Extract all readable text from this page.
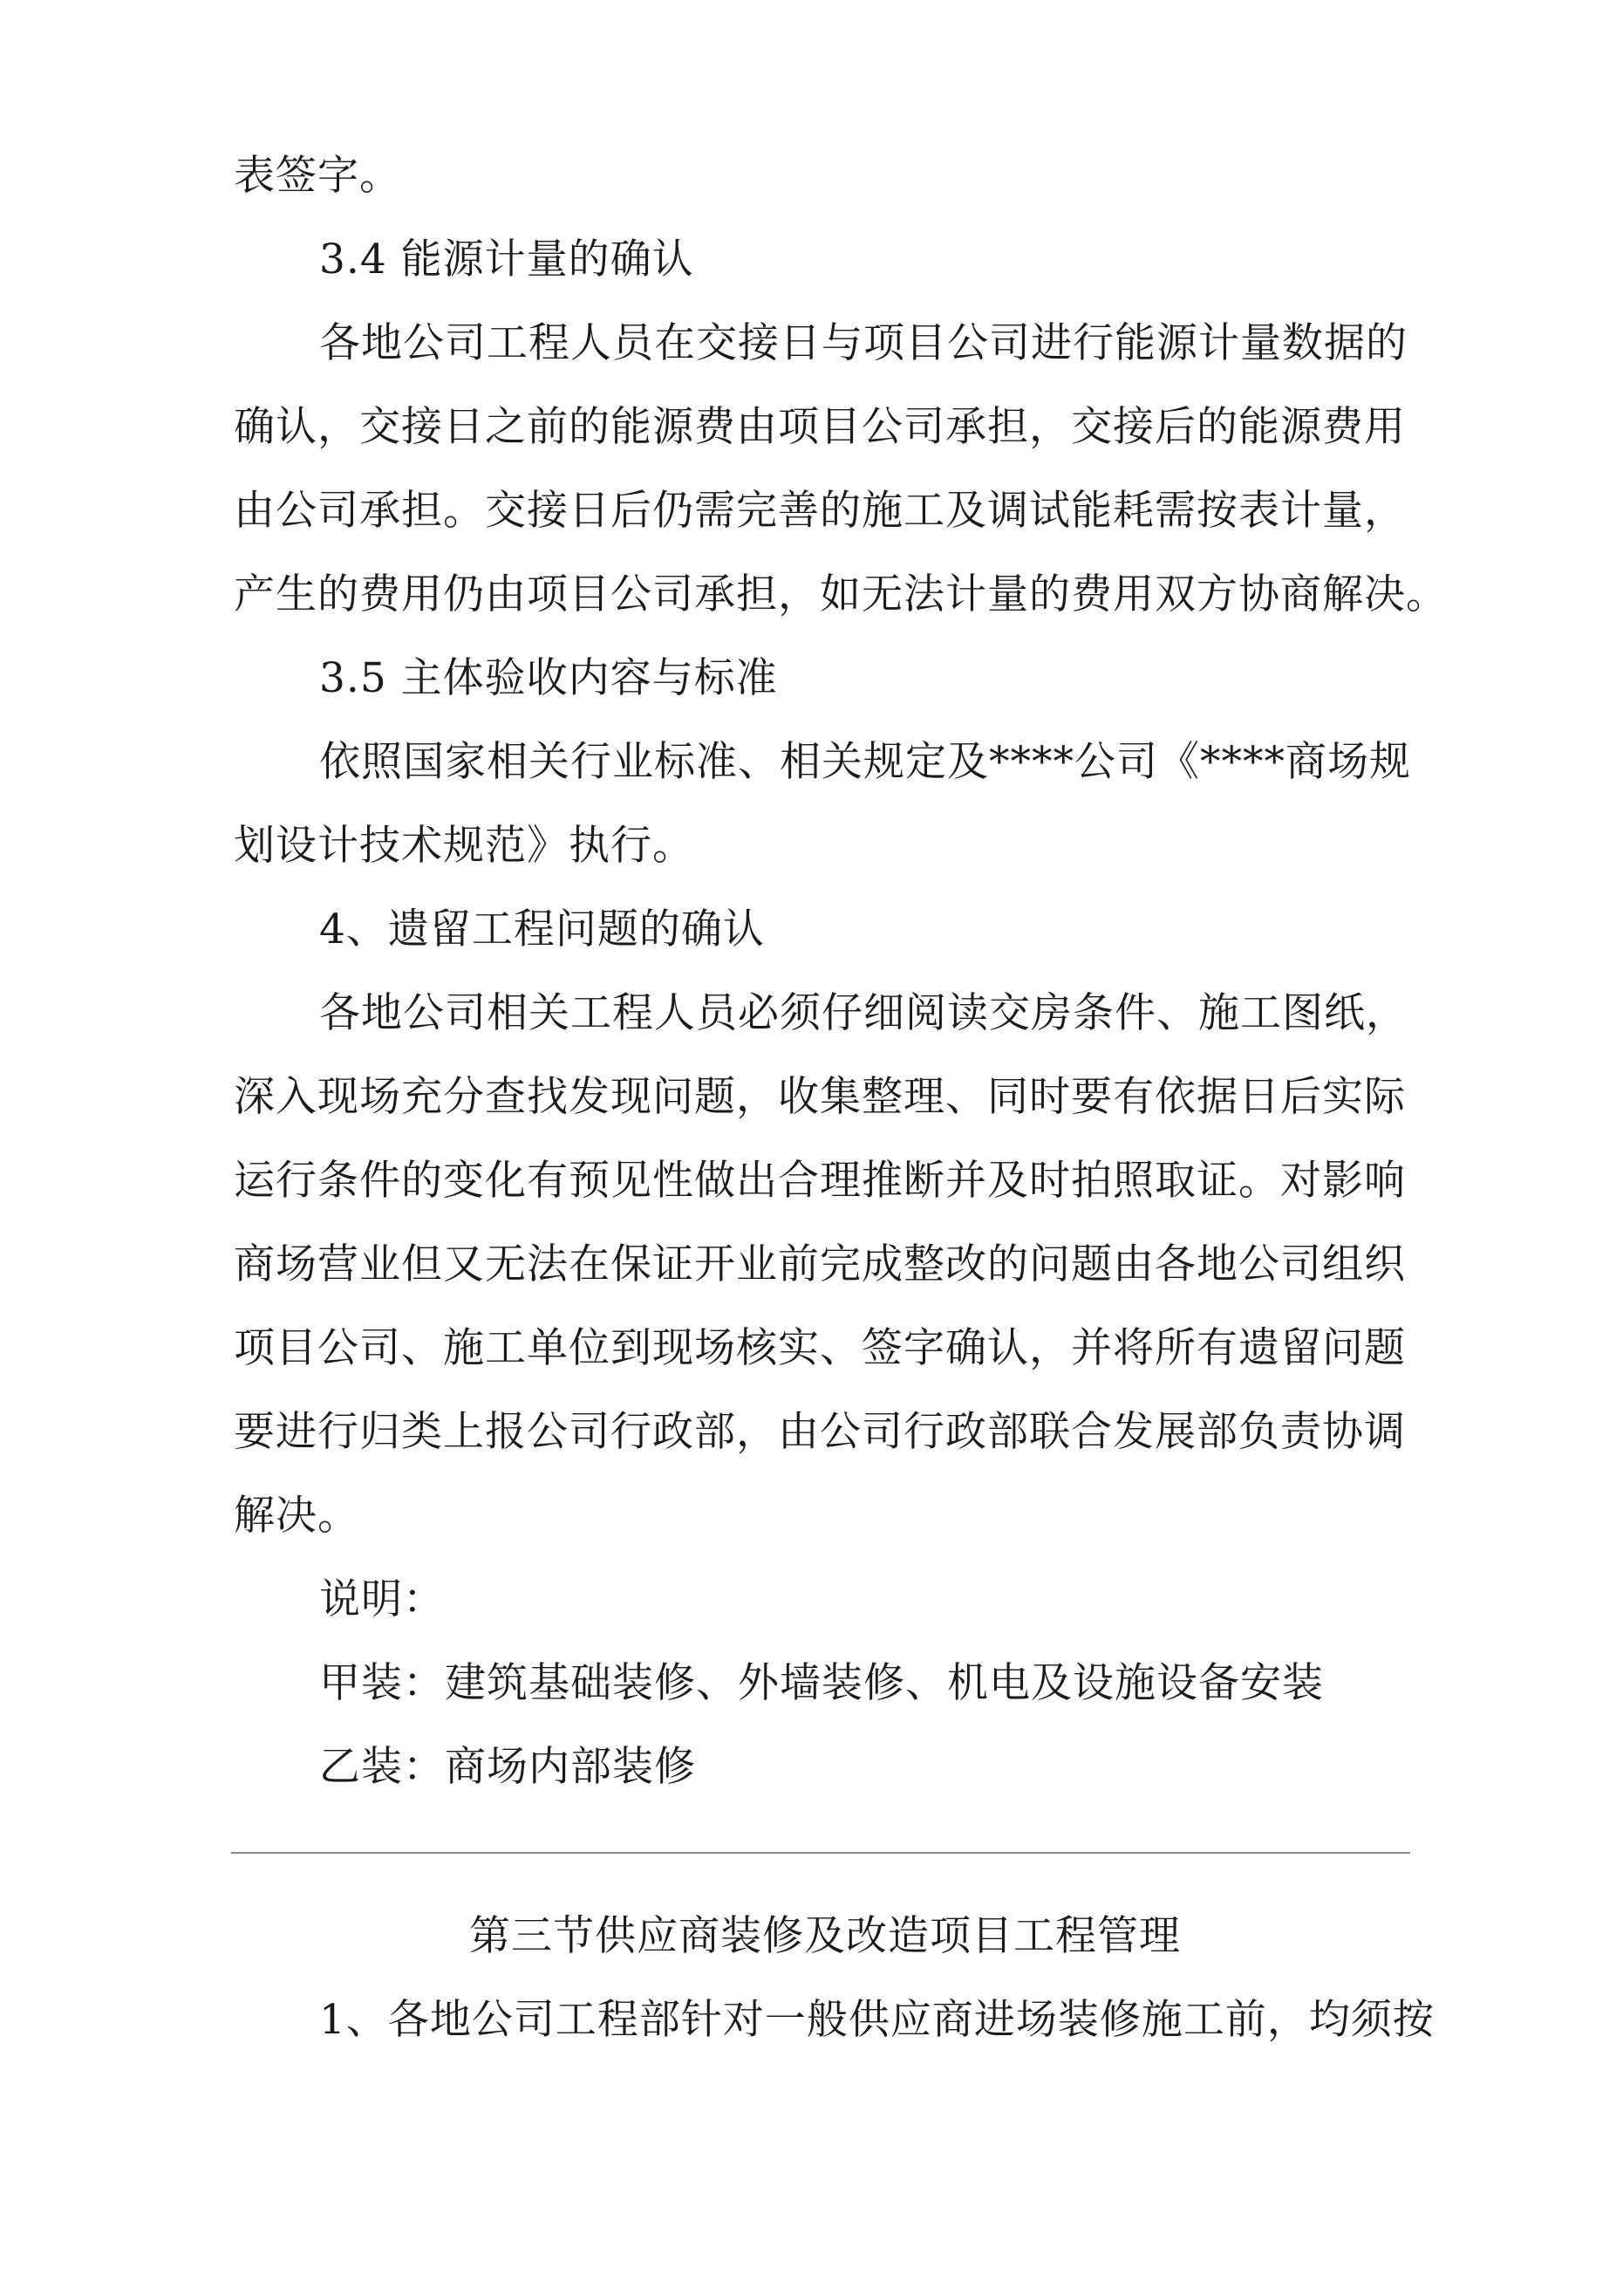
表签字。
3.4 能源计量的确认
各地公司工程人员在交接日与项目公司进行能源计量数据的
确认，交接日之前的能源费由项目公司承担，交接后的能源费用
由公司承担。交接日后仍需完善的施工及调试能耗需按表计量，
产生的费用仍由项目公司承担，如无法计量的费用双方协商解决。
3.5 主体验收内容与标准
依照国家相关行业标准、相关规定及****公司《****商场规
划设计技术规范》执行。
4、遗留工程问题的确认
各地公司相关工程人员必须仔细阅读交房条件、施工图纸，
深入现场充分查找发现问题，收集整理、同时要有依据日后实际
运行条件的变化有预见性做出合理推断并及时拍照取证。对影响
商场营业但又无法在保证开业前完成整改的问题由各地公司组织
项目公司、施工单位到现场核实、签字确认，并将所有遗留问题
要进行归类上报公司行政部，由公司行政部联合发展部负责协调
解决。
说明：
甲装：建筑基础装修、外墙装修、机电及设施设备安装
乙装：商场内部装修
第三节供应商装修及改造项目工程管理
1、各地公司工程部针对一般供应商进场装修施工前，均须按
